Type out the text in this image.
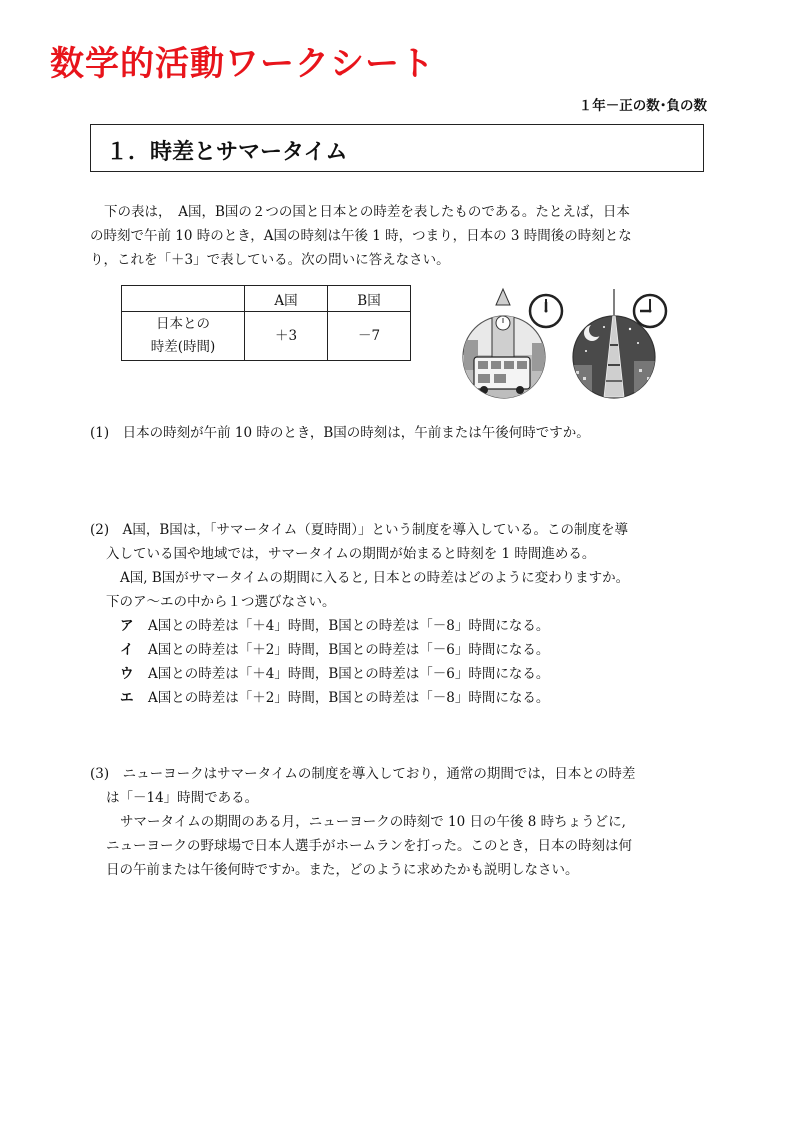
数学的活動ワークシート
１年－正の数･負の数
１．時差とサマータイム

下の表は，　A国，B国の２つの国と日本との時差を表したものである。たとえば，日本

の時刻で午前 10 時のとき，A国の時刻は午後 1 時，つまり，日本の 3 時間後の時刻とな
り，これを「＋3」で表している。次の問いに答えなさい。
	A国	B国

日本との
時差(時間)	＋3	－7
(1)　日本の時刻が午前 10 時のとき，B国の時刻は，午前または午後何時ですか。
(2)　A国，B国は，「サマータイム（夏時間）」という制度を導入している。この制度を導
入している国や地域では，サマータイムの期間が始まると時刻を 1 時間進める。
A国, B国がサマータイムの期間に入ると, 日本との時差はどのように変わりますか。
下のア～エの中から１つ選びなさい。
ア	A国との時差は「＋4」時間，B国との時差は「－8」時間になる。
イ	A国との時差は「＋2」時間，B国との時差は「－6」時間になる。
ウ	A国との時差は「＋4」時間，B国との時差は「－6」時間になる。
エ	A国との時差は「＋2」時間，B国との時差は「－8」時間になる。
(3)　ニューヨークはサマータイムの制度を導入しており，通常の期間では，日本との時差
は「－14」時間である。
サマータイムの期間のある月，ニューヨークの時刻で 10 日の午後 8 時ちょうどに,
ニューヨークの野球場で日本人選手がホームランを打った。このとき，日本の時刻は何
日の午前または午後何時ですか。また，どのように求めたかも説明しなさい。
